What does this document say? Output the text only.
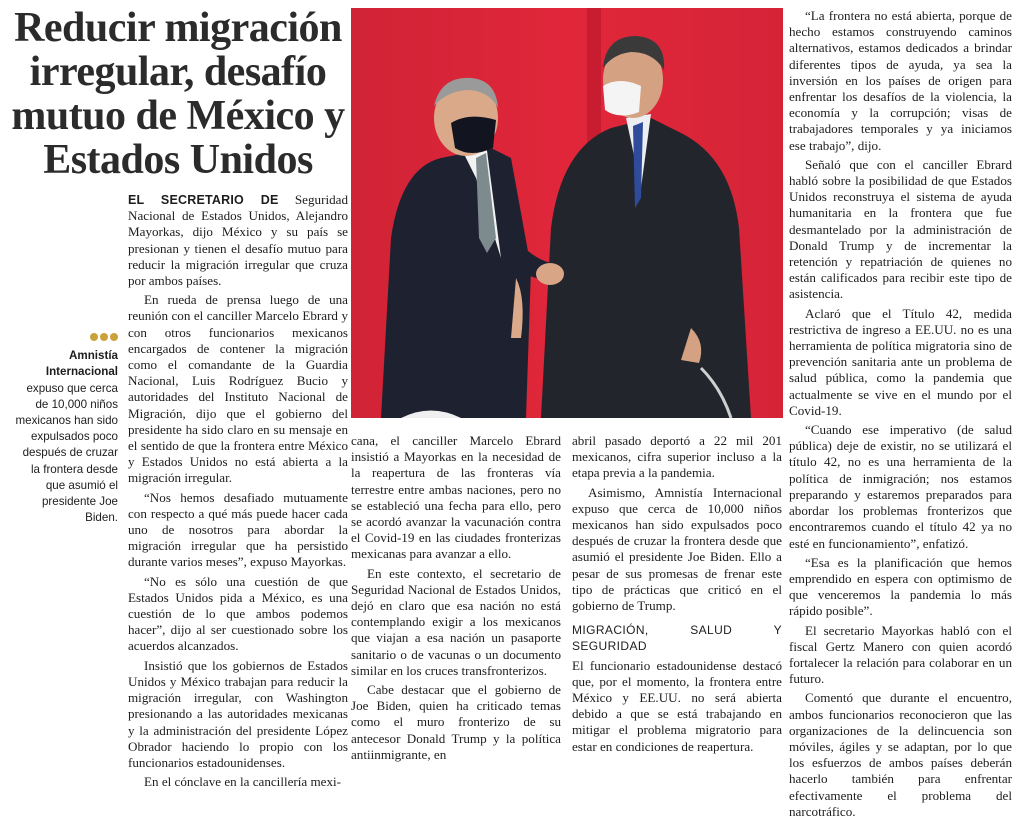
Reducir migración irregular, desafío mutuo de México y Estados Unidos
Amnistía Internacional expuso que cerca de 10,000 niños mexicanos han sido expulsados poco después de cruzar la frontera desde que asumió el presidente Joe Biden.

EL SECRETARIO DE Seguridad Nacional de Estados Unidos, Alejandro Mayorkas, dijo México y su país se presionan y tienen el desafío mutuo para reducir la migración irregular que cruza por ambos países.

En rueda de prensa luego de una reunión con el canciller Marcelo Ebrard y con otros funcionarios mexicanos encargados de contener la migración como el comandante de la Guardia Nacional, Luis Rodríguez Bucio y autoridades del Instituto Nacional de Migración, dijo que el gobierno del presidente ha sido claro en su mensaje en el sentido de que la frontera entre México y Estados Unidos no está abierta a la migración irregular.

“Nos hemos desafiado mutuamente con respecto a qué más puede hacer cada uno de nosotros para abordar la migración irregular que ha persistido durante varios meses”, expuso Mayorkas.

“No es sólo una cuestión de que Estados Unidos pida a México, es una cuestión de lo que ambos podemos hacer”, dijo al ser cuestionado sobre los acuerdos alcanzados.

Insistió que los gobiernos de Estados Unidos y México trabajan para reducir la migración irregular, con Washington presionando a las autoridades mexicanas y la administración del presidente López Obrador haciendo lo propio con los funcionarios estadounidenses.

En el cónclave en la cancillería mexi-

cana, el canciller Marcelo Ebrard insistió a Mayorkas en la necesidad de la reapertura de las fronteras vía terrestre entre ambas naciones, pero no se estableció una fecha para ello, pero se acordó avanzar la vacunación contra el Covid-19 en las ciudades fronterizas mexicanas para avanzar a ello.

En este contexto, el secretario de Seguridad Nacional de Estados Unidos, dejó en claro que esa nación no está contemplando exigir a los mexicanos que viajan a esa nación un pasaporte sanitario o de vacunas o un documento similar en los cruces transfronterizos.

Cabe destacar que el gobierno de Joe Biden, quien ha criticado temas como el muro fronterizo de su antecesor Donald Trump y la política antiinmigrante, en

abril pasado deportó a 22 mil 201 mexicanos, cifra superior incluso a la etapa previa a la pandemia.

Asimismo, Amnistía Internacional expuso que cerca de 10,000 niños mexicanos han sido expulsados poco después de cruzar la frontera desde que asumió el presidente Joe Biden. Ello a pesar de sus promesas de frenar este tipo de prácticas que criticó en el gobierno de Trump.

MIGRACIÓN, SALUD Y SEGURIDAD

El funcionario estadounidense destacó que, por el momento, la frontera entre México y EE.UU. no será abierta debido a que se está trabajando en mitigar el problema migratorio para estar en condiciones de reapertura.

“La frontera no está abierta, porque de hecho estamos construyendo caminos alternativos, estamos dedicados a brindar diferentes tipos de ayuda, ya sea la inversión en los países de origen para enfrentar los desafíos de la violencia, la economía y la corrupción; visas de trabajadores temporales y ya iniciamos ese trabajo”, dijo.

Señaló que con el canciller Ebrard habló sobre la posibilidad de que Estados Unidos reconstruya el sistema de ayuda humanitaria en la frontera que fue desmantelado por la administración de Donald Trump y de incrementar la retención y repatriación de quienes no están calificados para recibir este tipo de asistencia.

Aclaró que el Título 42, medida restrictiva de ingreso a EE.UU. no es una herramienta de política migratoria sino de prevención sanitaria ante un problema de salud pública, como la pandemia que actualmente se vive en el mundo por el Covid-19.

“Cuando ese imperativo (de salud pública) deje de existir, no se utilizará el título 42, no es una herramienta de la política de inmigración; nos estamos preparando y estaremos preparados para abordar los problemas fronterizos que encontraremos cuando el título 42 ya no esté en funcionamiento”, enfatizó.

“Esa es la planificación que hemos emprendido en espera con optimismo de que venceremos la pandemia lo más rápido posible”.

El secretario Mayorkas habló con el fiscal Gertz Manero con quien acordó fortalecer la relación para colaborar en un futuro.

Comentó que durante el encuentro, ambos funcionarios reconocieron que las organizaciones de la delincuencia son móviles, ágiles y se adaptan, por lo que los esfuerzos de ambos países deberán hacerlo también para enfrentar efectivamente el problema del narcotráfico.
